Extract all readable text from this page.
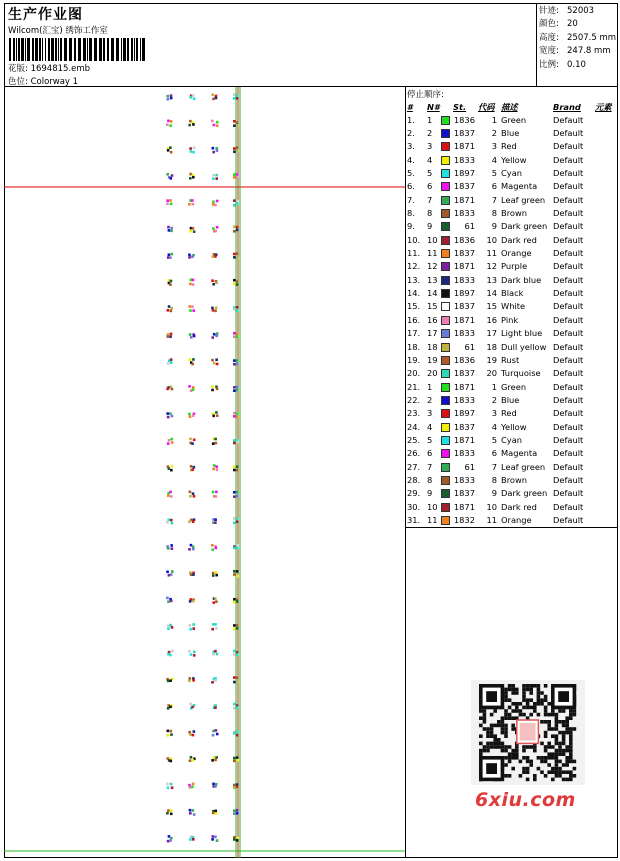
生产作业图
Wilcom(汇宝) 绣饰工作室
花版: 1694815.emb
色位: Colorway 1
针迹: 52003
颜色: 20
高度: 2507.5 mm
宽度: 247.8 mm
比例: 0.10
停止顺序:
#	N#		St.	代码	描述	Brand	元素
1.	1		1836	1	Green	Default	
2.	2		1837	2	Blue	Default	
3.	3		1871	3	Red	Default	
4.	4		1833	4	Yellow	Default	
5.	5		1897	5	Cyan	Default	
6.	6		1837	6	Magenta	Default	
7.	7		1871	7	Leaf green	Default	
8.	8		1833	8	Brown	Default	
9.	9		61	9	Dark green	Default	
10.	10		1836	10	Dark red	Default	
11.	11		1837	11	Orange	Default	
12.	12		1871	12	Purple	Default	
13.	13		1833	13	Dark blue	Default	
14.	14		1897	14	Black	Default	
15.	15		1837	15	White	Default	
16.	16		1871	16	Pink	Default	
17.	17		1833	17	Light blue	Default	
18.	18		61	18	Dull yellow	Default	
19.	19		1836	19	Rust	Default	
20.	20		1837	20	Turquoise	Default	
21.	1		1871	1	Green	Default	
22.	2		1833	2	Blue	Default	
23.	3		1897	3	Red	Default	
24.	4		1837	4	Yellow	Default	
25.	5		1871	5	Cyan	Default	
26.	6		1833	6	Magenta	Default	
27.	7		61	7	Leaf green	Default	
28.	8		1833	8	Brown	Default	
29.	9		1837	9	Dark green	Default	
30.	10		1871	10	Dark red	Default	
31.	11		1832	11	Orange	Default	
6xiu.com
